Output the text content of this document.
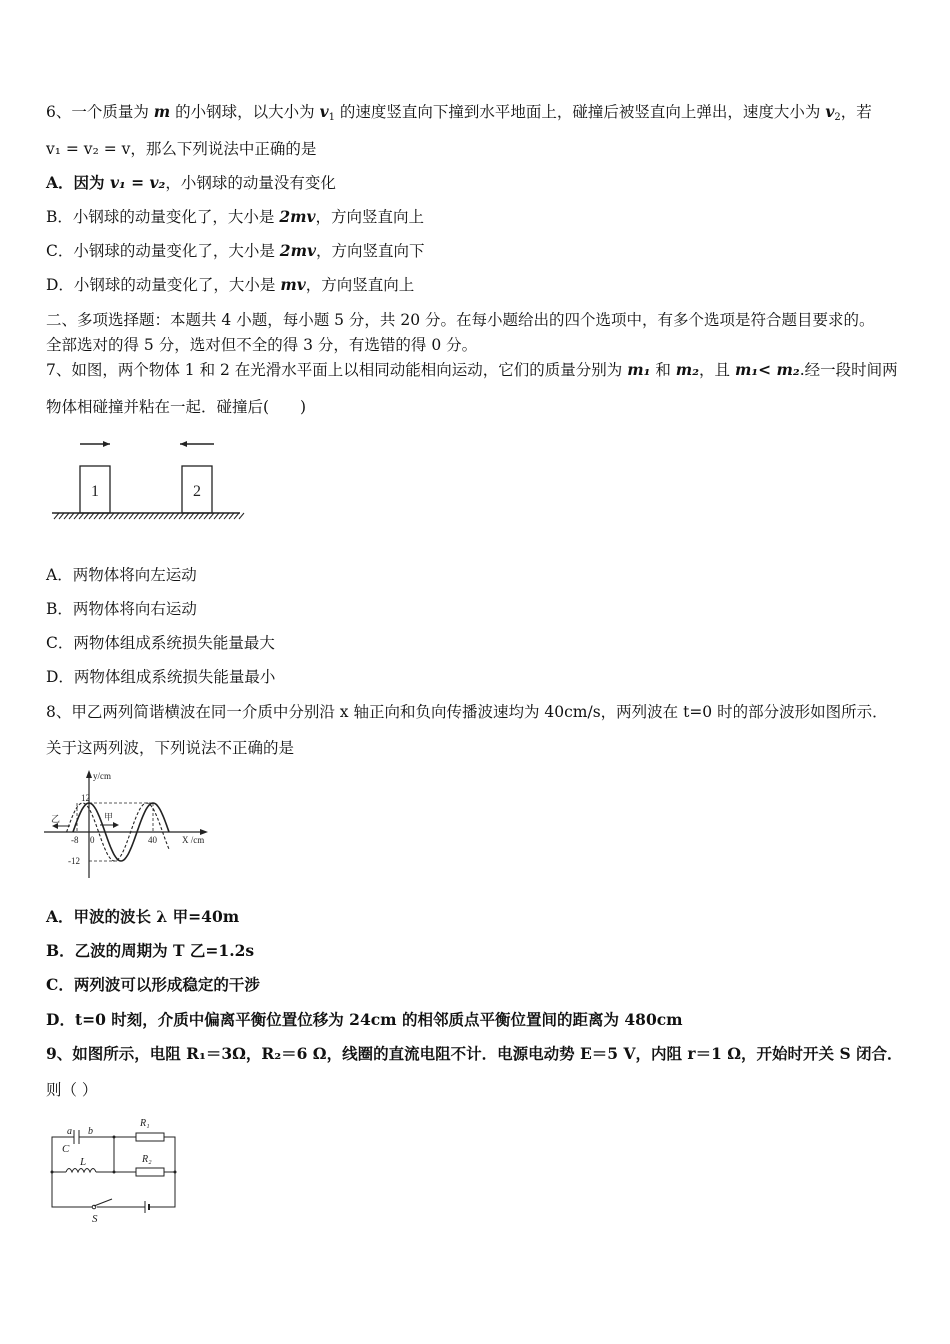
6、一个质量为 m 的小钢球，以大小为 $v_1$ 的速度竖直向下撞到水平地面上，碰撞后被竖直向上弹出，速度大小为 $v_2$，若
v₁ = v₂ = v，那么下列说法中正确的是
A．因为 v₁ = v₂，小钢球的动量没有变化
B．小钢球的动量变化了，大小是 2mv，方向竖直向上
C．小钢球的动量变化了，大小是 2mv，方向竖直向下
D．小钢球的动量变化了，大小是 mv，方向竖直向上
二、多项选择题：本题共 4 小题，每小题 5 分，共 20 分。在每小题给出的四个选项中，有多个选项是符合题目要求的。
全部选对的得 5 分，选对但不全的得 3 分，有选错的得 0 分。
7、如图，两个物体 1 和 2 在光滑水平面上以相同动能相向运动，它们的质量分别为 m₁ 和 m₂，且 m₁< m₂.经一段时间两
物体相碰撞并粘在一起．碰撞后(　　)
1	2
A．两物体将向左运动
B．两物体将向右运动
C．两物体组成系统损失能量最大
D．两物体组成系统损失能量最小
8、甲乙两列简谐横波在同一介质中分别沿 x 轴正向和负向传播波速均为 40cm/s，两列波在 t=0 时的部分波形如图所示．
关于这两列波，下列说法不正确的是
y/cm
X /cm
12
-12
-8 0	40
甲
乙
A．甲波的波长 λ 甲=40m
B．乙波的周期为 T 乙=1.2s
C．两列波可以形成稳定的干涉
D．t=0 时刻，介质中偏离平衡位置位移为 24cm 的相邻质点平衡位置间的距离为 480cm
9、如图所示，电阻 R₁＝3Ω，R₂＝6 Ω，线圈的直流电阻不计．电源电动势 E＝5 V，内阻 r＝1 Ω，开始时开关 S 闭合．
则（ ）
a b
C
L
R₁
R₂
S
